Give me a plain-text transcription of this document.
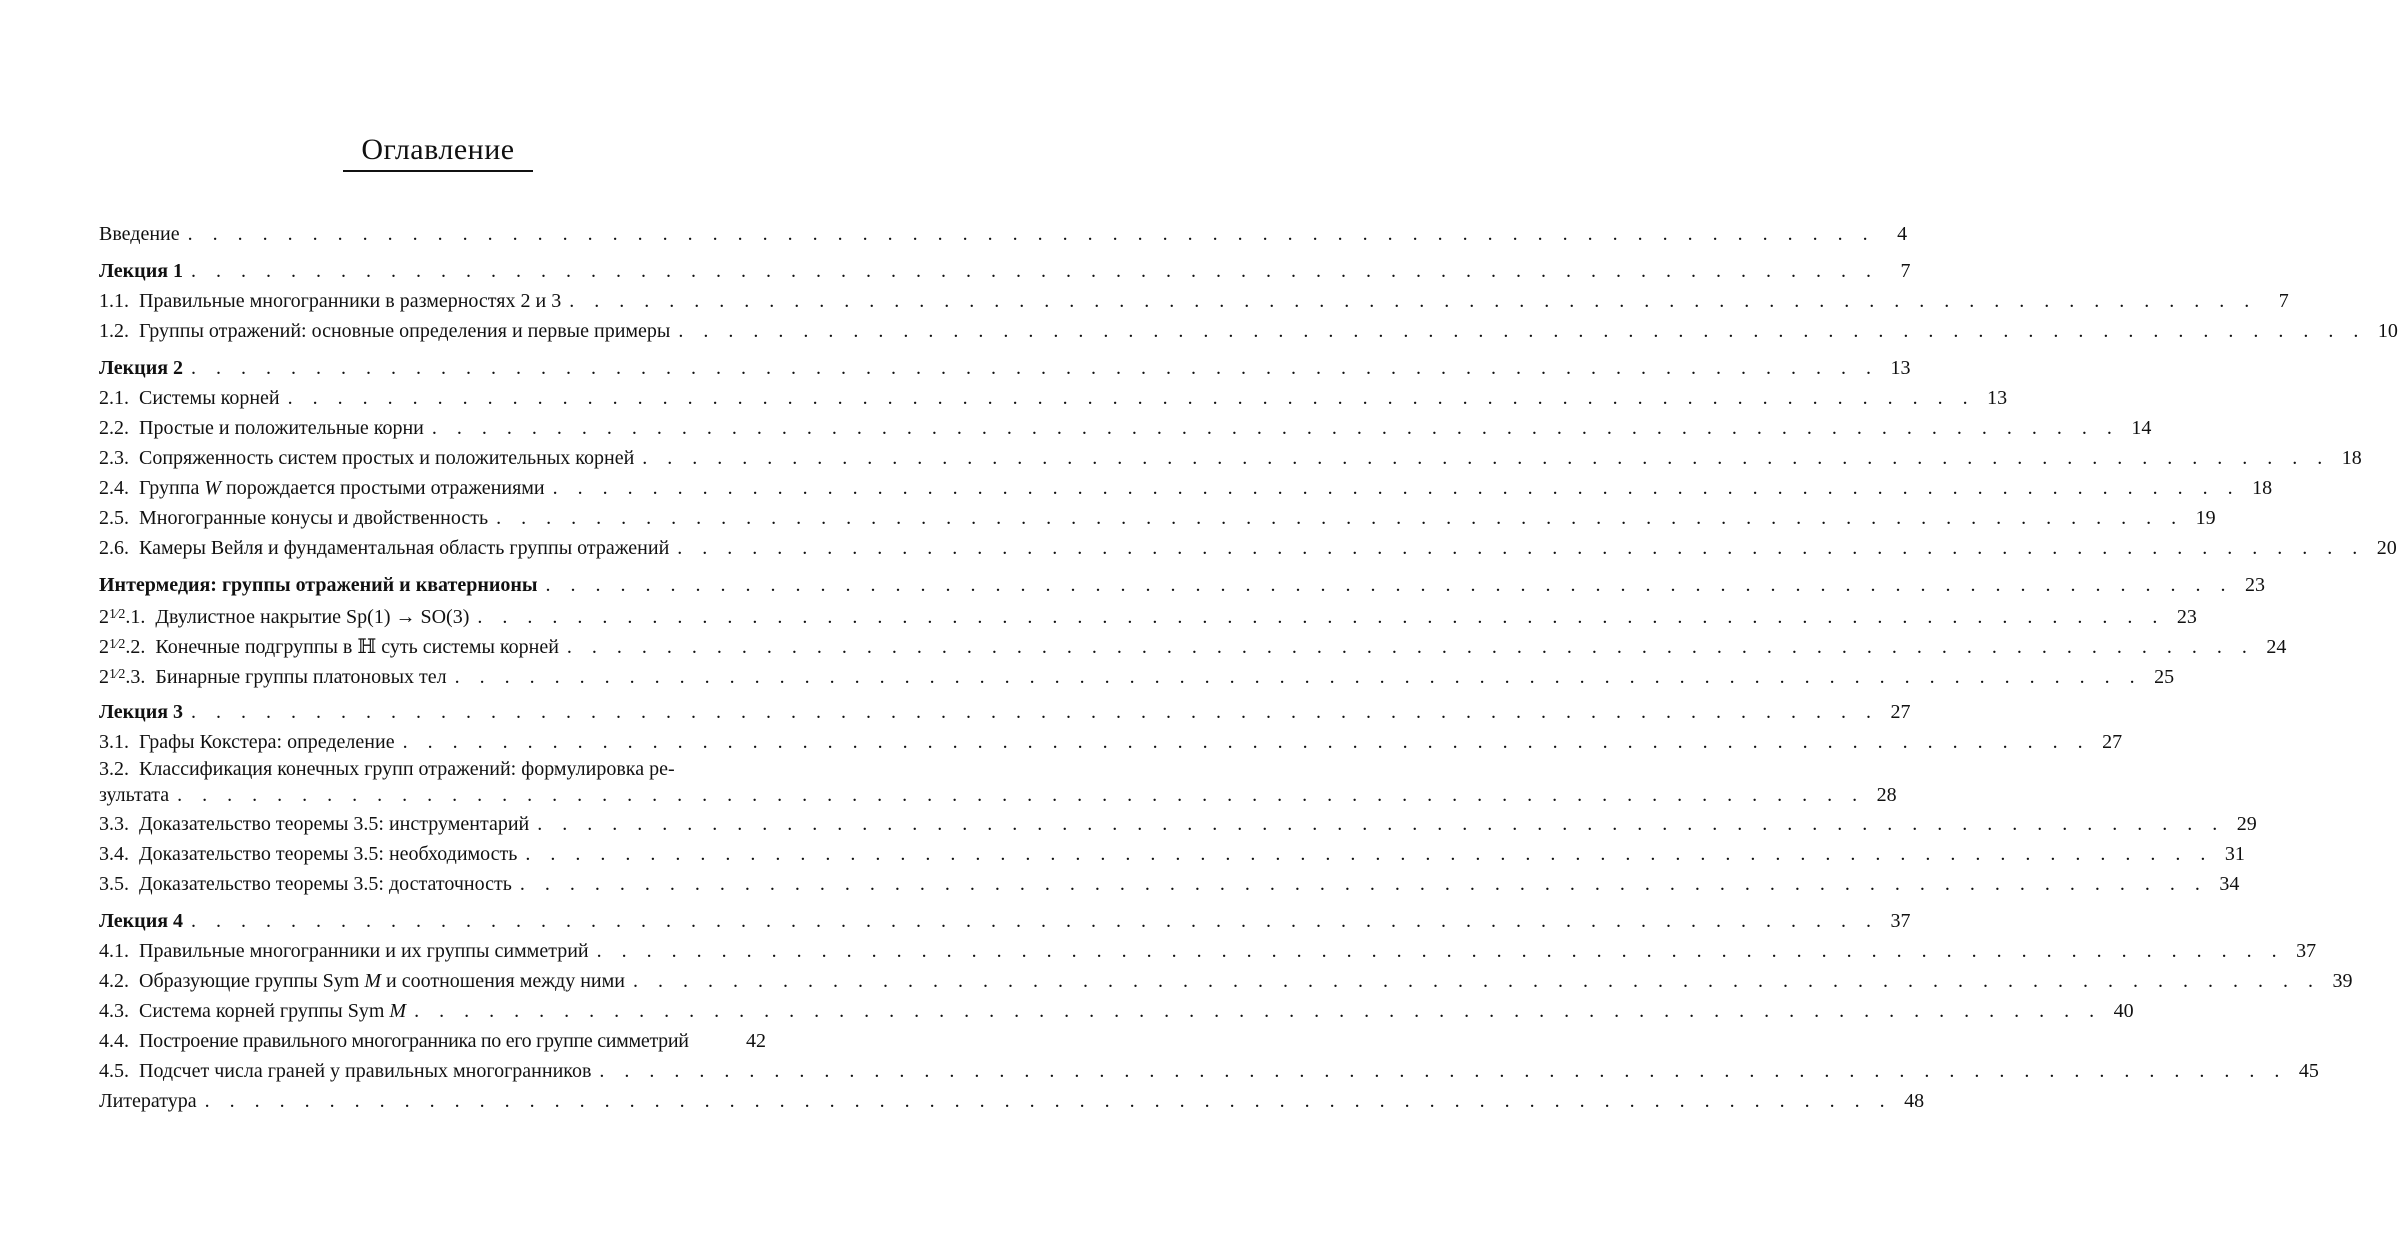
Оглавление
Введение . . .	4
Лекция 1 . . .	7
1.1. Правильные многогранники в размерностях 2 и 3 . . .	7
1.2. Группы отражений: основные определения и первые примеры . . .	10
Лекция 2 . . .	13
2.1. Системы корней . . .	13
2.2. Простые и положительные корни . . .	14
2.3. Сопряженность систем простых и положительных корней . . .	18
2.4. Группа W порождается простыми отражениями . . .	18
2.5. Многогранные конусы и двойственность . . .	19
2.6. Камеры Вейля и фундаментальная область группы отражений . . .	20
Интермедия: группы отражений и кватернионы . . .	23
$2^{1⁄2}.1$. Двулистное накрытие Sp(1) → SO(3) . . .	23
$2^{1⁄2}.2$. Конечные подгруппы в ℍ суть системы корней . . .	24
$2^{1⁄2}.3$. Бинарные группы платоновых тел . . .	25
Лекция 3 . . .	27
3.1. Графы Кокстера: определение . . .	27
3.2. Классификация конечных групп отражений: формулировка ре-
зультата . . .	28
3.3. Доказательство теоремы 3.5: инструментарий . . .	29
3.4. Доказательство теоремы 3.5: необходимость . . .	31
3.5. Доказательство теоремы 3.5: достаточность . . .	34
Лекция 4 . . .	37
4.1. Правильные многогранники и их группы симметрий . . .	37
4.2. Образующие группы Sym M и соотношения между ними . . .	39
4.3. Система корней группы Sym M . . .	40
4.4. Построение правильного многогранника по его группе симметрий	42
4.5. Подсчет числа граней у правильных многогранников . . .	45
Литература . . .	48
